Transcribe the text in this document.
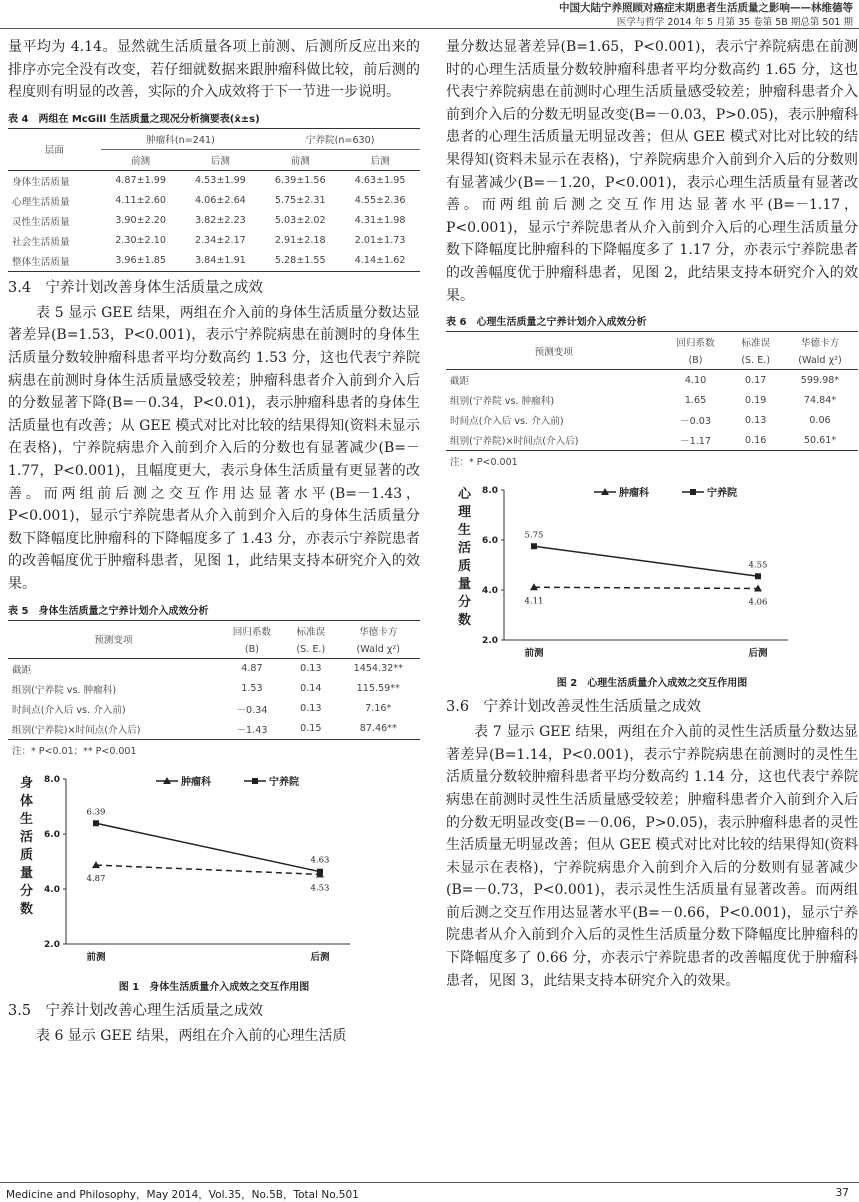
中国大陆宁养照顾对癌症末期患者生活质量之影响——林维德等
医学与哲学 2014 年 5 月第 35 卷第 5B 期总第 501 期

量平均为 4.14。显然就生活质量各项上前测、后测所反应出来的排序亦完全没有改变，若仔细就数据来跟肿瘤科做比较，前后测的程度则有明显的改善，实际的介入成效将于下一节进一步说明。

表 4　两组在 McGill 生活质量之现况分析摘要表(x̄±s)
层面	肿瘤科(n=241)		宁养院(n=630)	
	前测	后测	前测	后测
身体生活质量	4.87±1.99	4.53±1.99	6.39±1.56	4.63±1.95
心理生活质量	4.11±2.60	4.06±2.64	5.75±2.31	4.55±2.36
灵性生活质量	3.90±2.20	3.82±2.23	5.03±2.02	4.31±1.98
社会生活质量	2.30±2.10	2.34±2.17	2.91±2.18	2.01±1.73
整体生活质量	3.96±1.85	3.84±1.91	5.28±1.55	4.14±1.62
3.4　宁养计划改善身体生活质量之成效

表 5 显示 GEE 结果，两组在介入前的身体生活质量分数达显著差异(B=1.53，P<0.001)，表示宁养院病患在前测时的身体生活质量分数较肿瘤科患者平均分数高约 1.53 分，这也代表宁养院病患在前测时身体生活质量感受较差；肿瘤科患者介入前到介入后的分数显著下降(B=－0.34，P<0.01)，表示肿瘤科患者的身体生活质量也有改善；从 GEE 模式对比对比较的结果得知(资料未显示在表格)，宁养院病患介入前到介入后的分数也有显著减少(B=－1.77，P<0.001)，且幅度更大，表示身体生活质量有更显著的改善。而两组前后测之交互作用达显著水平(B=－1.43，P<0.001)，显示宁养院患者从介入前到介入后的身体生活质量分数下降幅度比肿瘤科的下降幅度多了 1.43 分，亦表示宁养院患者的改善幅度优于肿瘤科患者，见图 1，此结果支持本研究介入的效果。

表 5　身体生活质量之宁养计划介入成效分析
预测变项	回归系数	标准误	华德卡方
	(B)	(S. E.)	(Wald χ²)
截距	4.87	0.13	1454.32**
组别(宁养院 vs. 肿瘤科)	1.53	0.14	115.59**
时间点(介入后 vs. 介入前)	－0.34	0.13	7.16*
组别(宁养院)×时间点(介入后)	－1.43	0.15	87.46**
注：* P<0.01；** P<0.001
身
体
生
活
质
量
分
数
2.0
4.0
6.0
8.0
前测	后测
肿瘤科	宁养院
4.87
4.53
6.39
4.63
图 1　身体生活质量介入成效之交互作用图
3.5　宁养计划改善心理生活质量之成效

表 6 显示 GEE 结果，两组在介入前的心理生活质

量分数达显著差异(B=1.65，P<0.001)，表示宁养院病患在前测时的心理生活质量分数较肿瘤科患者平均分数高约 1.65 分，这也代表宁养院病患在前测时心理生活质量感受较差；肿瘤科患者介入前到介入后的分数无明显改变(B=－0.03，P>0.05)，表示肿瘤科患者的心理生活质量无明显改善；但从 GEE 模式对比对比较的结果得知(资料未显示在表格)，宁养院病患介入前到介入后的分数则有显著减少(B=－1.20，P<0.001)，表示心理生活质量有显著改善。而两组前后测之交互作用达显著水平(B=－1.17，P<0.001)，显示宁养院患者从介入前到介入后的心理生活质量分数下降幅度比肿瘤科的下降幅度多了 1.17 分，亦表示宁养院患者的改善幅度优于肿瘤科患者，见图 2，此结果支持本研究介入的效果。

表 6　心理生活质量之宁养计划介入成效分析
预测变项	回归系数	标准误	华德卡方
	(B)	(S. E.)	(Wald χ²)
截距	4.10	0.17	599.98*
组别(宁养院 vs. 肿瘤科)	1.65	0.19	74.84*
时间点(介入后 vs. 介入前)	－0.03	0.13	0.06
组别(宁养院)×时间点(介入后)	－1.17	0.16	50.61*
注：* P<0.001
心
理
生
活
质
量
分
数
2.0
4.0
6.0
8.0
前测	后测
肿瘤科	宁养院
4.11	4.06
5.75
4.55
图 2　心理生活质量介入成效之交互作用图
3.6　宁养计划改善灵性生活质量之成效

表 7 显示 GEE 结果，两组在介入前的灵性生活质量分数达显著差异(B=1.14，P<0.001)，表示宁养院病患在前测时的灵性生活质量分数较肿瘤科患者平均分数高约 1.14 分，这也代表宁养院病患在前测时灵性生活质量感受较差；肿瘤科患者介入前到介入后的分数无明显改变(B=－0.06，P>0.05)，表示肿瘤科患者的灵性生活质量无明显改善；但从 GEE 模式对比对比较的结果得知(资料未显示在表格)，宁养院病患介入前到介入后的分数则有显著减少(B=－0.73，P<0.001)，表示灵性生活质量有显著改善。而两组前后测之交互作用达显著水平(B=－0.66，P<0.001)，显示宁养院患者从介入前到介入后的灵性生活质量分数下降幅度比肿瘤科的下降幅度多了 0.66 分，亦表示宁养院患者的改善幅度优于肿瘤科患者，见图 3，此结果支持本研究介入的效果。

Medicine and Philosophy，May 2014，Vol.35，No.5B，Total No.501	37
